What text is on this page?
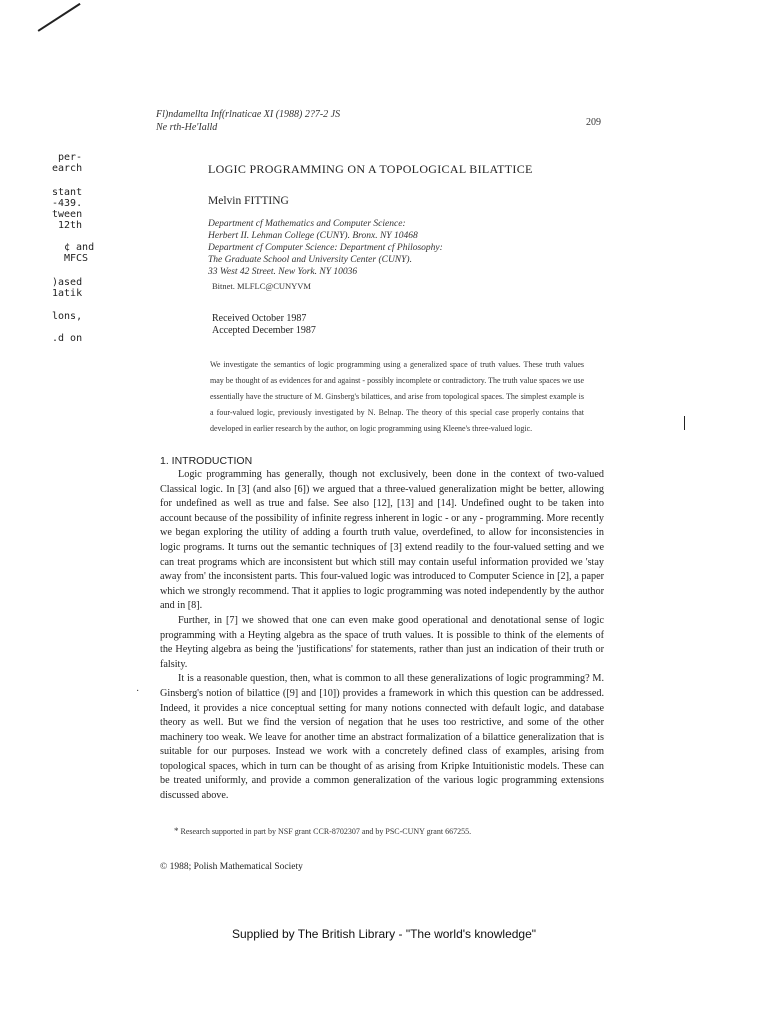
Fl)ndamellta Inf(rlnaticae XI (1988) 2?7-2 JS
Ne rth-He'Ialld	209
per-
earch
stant
-439.
tween
12th
¢ and
MFCS
)ased
1atik
lons,
.d on
LOGIC PROGRAMMING ON A TOPOLOGICAL BILATTICE
Melvin FITTING
Department cf Mathematics and Computer Science:
Herbert II. Lehman College (CUNY). Bronx. NY 10468
Department cf Computer Science: Department cf Philosophy:
The Graduate School and University Center (CUNY).
33 West 42 Street. New York. NY 10036
Bitnet. MLFLC@CUNYVM
Received October 1987
Accepted December 1987
We investigate the semantics of logic programming using a generalized space of truth values. These truth values may be thought of as evidences for and against - possibly incomplete or contradictory. The truth value spaces we use essentially have the structure of M. Ginsberg's bilattices, and arise from topological spaces. The simplest example is a four-valued logic, previously investigated by N. Belnap. The theory of this special case properly contains that developed in earlier research by the author, on logic programming using Kleene's three-valued logic.
1. INTRODUCTION

Logic programming has generally, though not exclusively, been done in the context of two-valued Classical logic. In [3] (and also [6]) we argued that a three-valued generalization might be better, allowing for undefined as well as true and false. See also [12], [13] and [14]. Undefined ought to be taken into account because of the possibility of infinite regress inherent in logic - or any - programming. More recently we began exploring the utility of adding a fourth truth value, overdefined, to allow for inconsistencies in logic programs. It turns out the semantic techniques of [3] extend readily to the four-valued setting and we can treat programs which are inconsistent but which still may contain useful information provided we 'stay away from' the inconsistent parts. This four-valued logic was introduced to Computer Science in [2], a paper which we strongly recommend. That it applies to logic programming was noted independently by the author and in [8].

Further, in [7] we showed that one can even make good operational and denotational sense of logic programming with a Heyting algebra as the space of truth values. It is possible to think of the elements of the Heyting algebra as being the 'justifications' for statements, rather than just an indication of their truth or falsity.

It is a reasonable question, then, what is common to all these generalizations of logic programming? M. Ginsberg's notion of bilattice ([9] and [10]) provides a framework in which this question can be addressed. Indeed, it provides a nice conceptual setting for many notions connected with default logic, and database theory as well. But we find the version of negation that he uses too restrictive, and some of the other machinery too weak. We leave for another time an abstract formalization of a bilattice generalization that is suitable for our purposes. Instead we work with a concretely defined class of examples, arising from topological spaces, which in turn can be thought of as arising from Kripke Intuitionistic models. These can be treated uniformly, and provide a common generalization of the various logic programming extensions discussed above.

·
* Research supported in part by NSF grant CCR-8702307 and by PSC-CUNY grant 667255.
© 1988; Polish Mathematical Society
Supplied by The British Library - "The world's knowledge"
